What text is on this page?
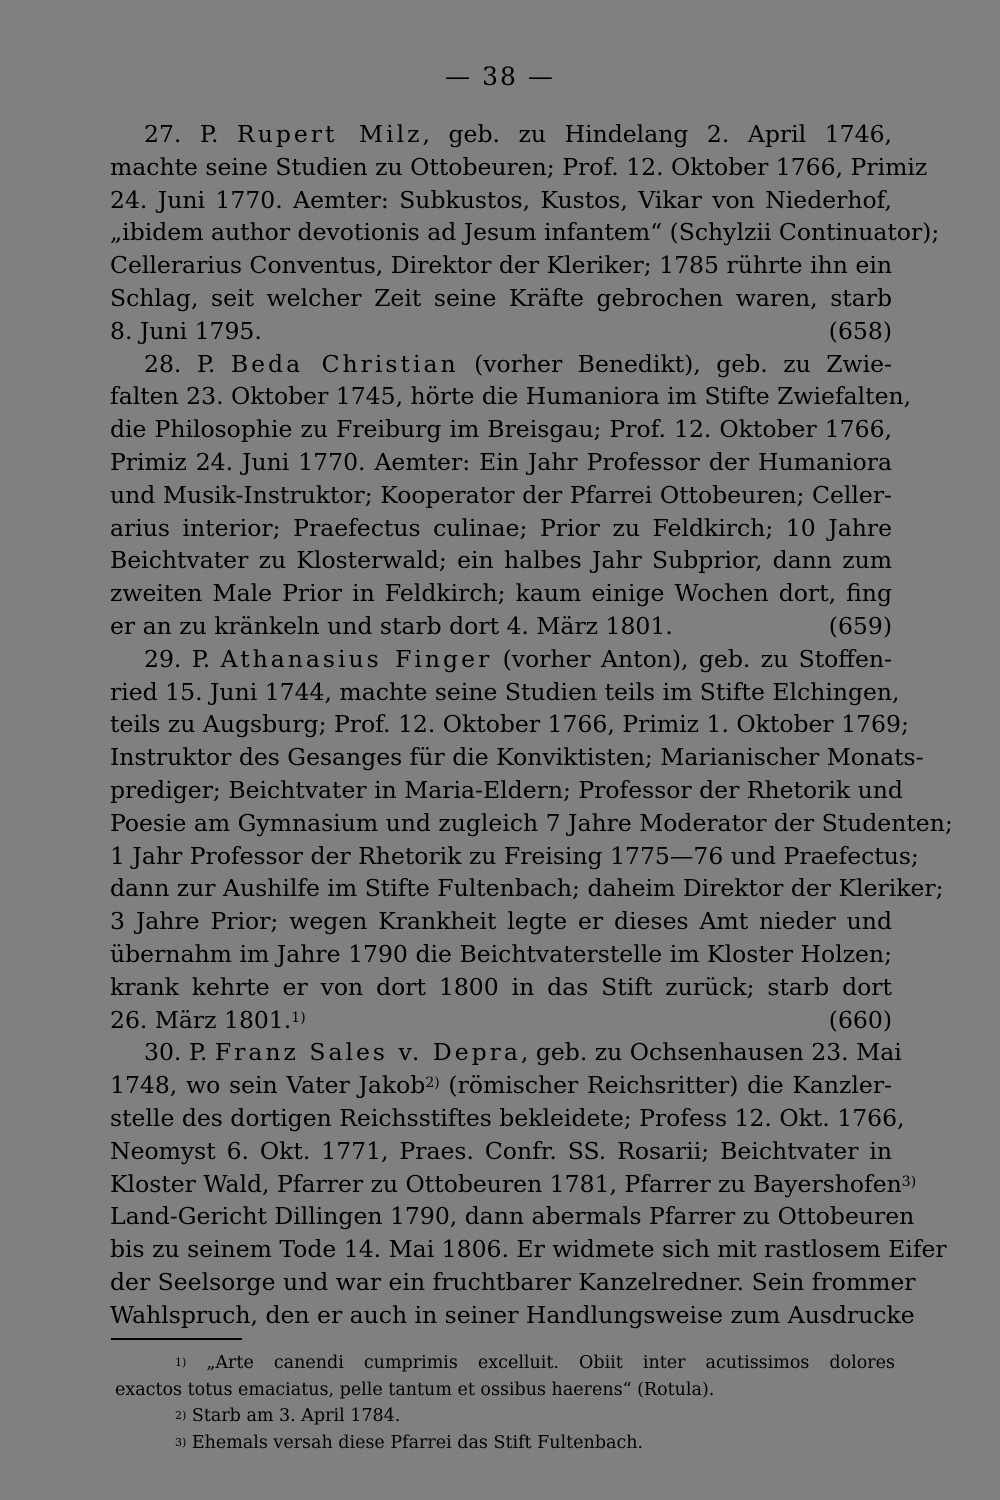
— 38 —
27. P. Rupert Milz, geb. zu Hindelang 2. April 1746,
machte seine Studien zu Ottobeuren; Prof. 12. Oktober 1766, Primiz
24. Juni 1770. Aemter: Subkustos, Kustos, Vikar von Niederhof,
„ibidem author devotionis ad Jesum infantem“ (Schylzii Continuator);
Cellerarius Conventus, Direktor der Kleriker; 1785 rührte ihn ein
Schlag, seit welcher Zeit seine Kräfte gebrochen waren, starb
8. Juni 1795.	(658)
28. P. Beda Christian (vorher Benedikt), geb. zu Zwie-
falten 23. Oktober 1745, hörte die Humaniora im Stifte Zwiefalten,
die Philosophie zu Freiburg im Breisgau; Prof. 12. Oktober 1766,
Primiz 24. Juni 1770. Aemter: Ein Jahr Professor der Humaniora
und Musik-Instruktor; Kooperator der Pfarrei Ottobeuren; Celler-
arius interior; Praefectus culinae; Prior zu Feldkirch; 10 Jahre
Beichtvater zu Klosterwald; ein halbes Jahr Subprior, dann zum
zweiten Male Prior in Feldkirch; kaum einige Wochen dort, fing
er an zu kränkeln und starb dort 4. März 1801.	(659)
29. P. Athanasius Finger (vorher Anton), geb. zu Stoffen-
ried 15. Juni 1744, machte seine Studien teils im Stifte Elchingen,
teils zu Augsburg; Prof. 12. Oktober 1766, Primiz 1. Oktober 1769;
Instruktor des Gesanges für die Konviktisten; Marianischer Monats-
prediger; Beichtvater in Maria-Eldern; Professor der Rhetorik und
Poesie am Gymnasium und zugleich 7 Jahre Moderator der Studenten;
1 Jahr Professor der Rhetorik zu Freising 1775—76 und Praefectus;
dann zur Aushilfe im Stifte Fultenbach; daheim Direktor der Kleriker;
3 Jahre Prior; wegen Krankheit legte er dieses Amt nieder und
übernahm im Jahre 1790 die Beichtvaterstelle im Kloster Holzen;
krank kehrte er von dort 1800 in das Stift zurück; starb dort
26. März 1801.$^{1)}$	(660)
30. P. Franz Sales v. Depra, geb. zu Ochsenhausen 23. Mai
1748, wo sein Vater Jakob$^{2)}$ (römischer Reichsritter) die Kanzler-
stelle des dortigen Reichsstiftes bekleidete; Profess 12. Okt. 1766,
Neomyst 6. Okt. 1771, Praes. Confr. SS. Rosarii; Beichtvater in
Kloster Wald, Pfarrer zu Ottobeuren 1781, Pfarrer zu Bayershofen$^{3)}$
Land-Gericht Dillingen 1790, dann abermals Pfarrer zu Ottobeuren
bis zu seinem Tode 14. Mai 1806. Er widmete sich mit rastlosem Eifer
der Seelsorge und war ein fruchtbarer Kanzelredner. Sein frommer
Wahlspruch, den er auch in seiner Handlungsweise zum Ausdrucke
$^{1)}$ „Arte canendi cumprimis excelluit. Obiit inter acutissimos dolores
exactos totus emaciatus, pelle tantum et ossibus haerens“ (Rotula).
$^{2)}$ Starb am 3. April 1784.
$^{3)}$ Ehemals versah diese Pfarrei das Stift Fultenbach.
